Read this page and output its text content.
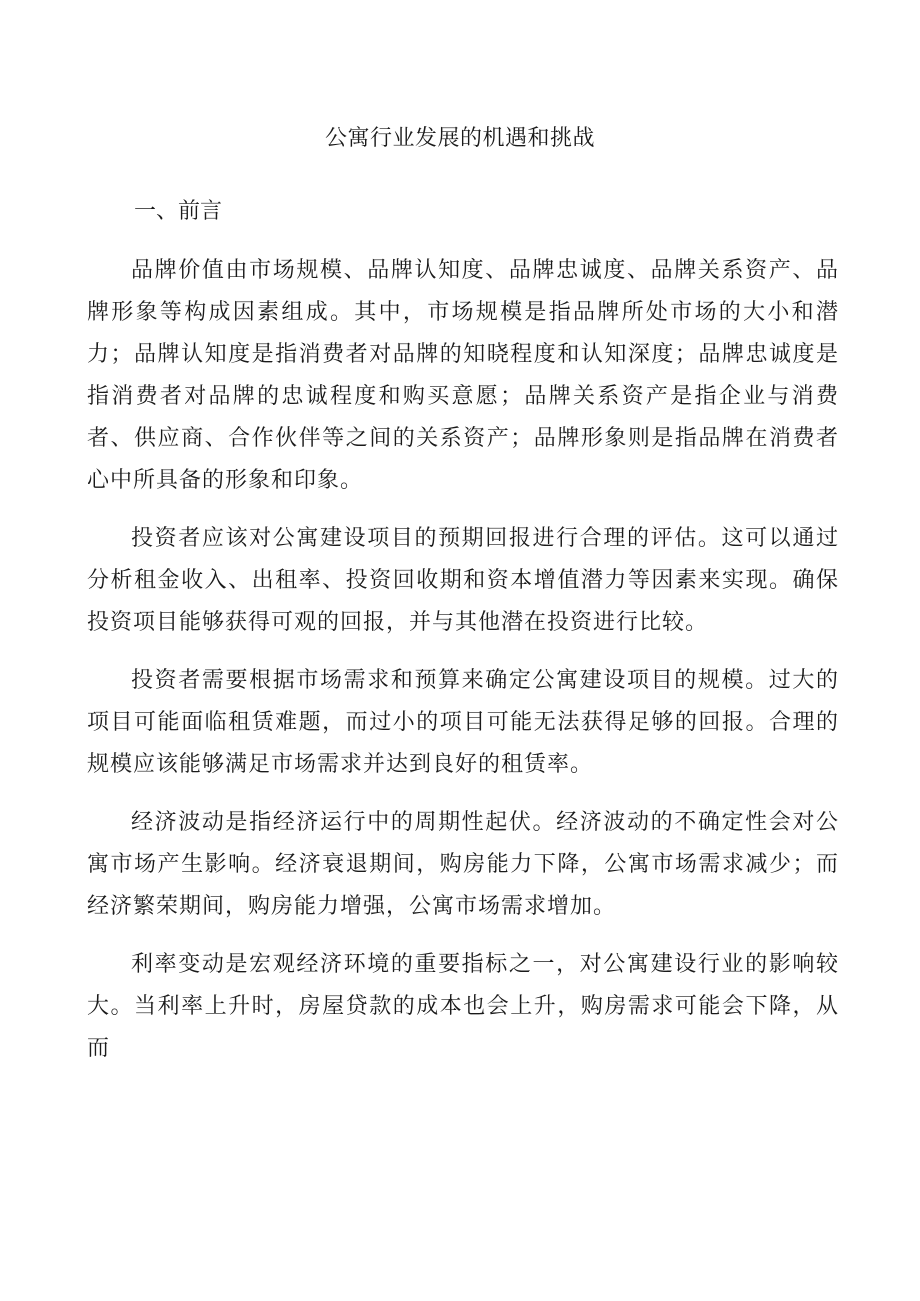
公寓行业发展的机遇和挑战
一、前言

品牌价值由市场规模、品牌认知度、品牌忠诚度、品牌关系资产、品牌形象等构成因素组成。其中，市场规模是指品牌所处市场的大小和潜力；品牌认知度是指消费者对品牌的知晓程度和认知深度；品牌忠诚度是指消费者对品牌的忠诚程度和购买意愿；品牌关系资产是指企业与消费者、供应商、合作伙伴等之间的关系资产；品牌形象则是指品牌在消费者心中所具备的形象和印象。

投资者应该对公寓建设项目的预期回报进行合理的评估。这可以通过分析租金收入、出租率、投资回收期和资本增值潜力等因素来实现。确保投资项目能够获得可观的回报，并与其他潜在投资进行比较。

投资者需要根据市场需求和预算来确定公寓建设项目的规模。过大的项目可能面临租赁难题，而过小的项目可能无法获得足够的回报。合理的规模应该能够满足市场需求并达到良好的租赁率。

经济波动是指经济运行中的周期性起伏。经济波动的不确定性会对公寓市场产生影响。经济衰退期间，购房能力下降，公寓市场需求减少；而经济繁荣期间，购房能力增强，公寓市场需求增加。

利率变动是宏观经济环境的重要指标之一，对公寓建设行业的影响较大。当利率上升时，房屋贷款的成本也会上升，购房需求可能会下降，从而
